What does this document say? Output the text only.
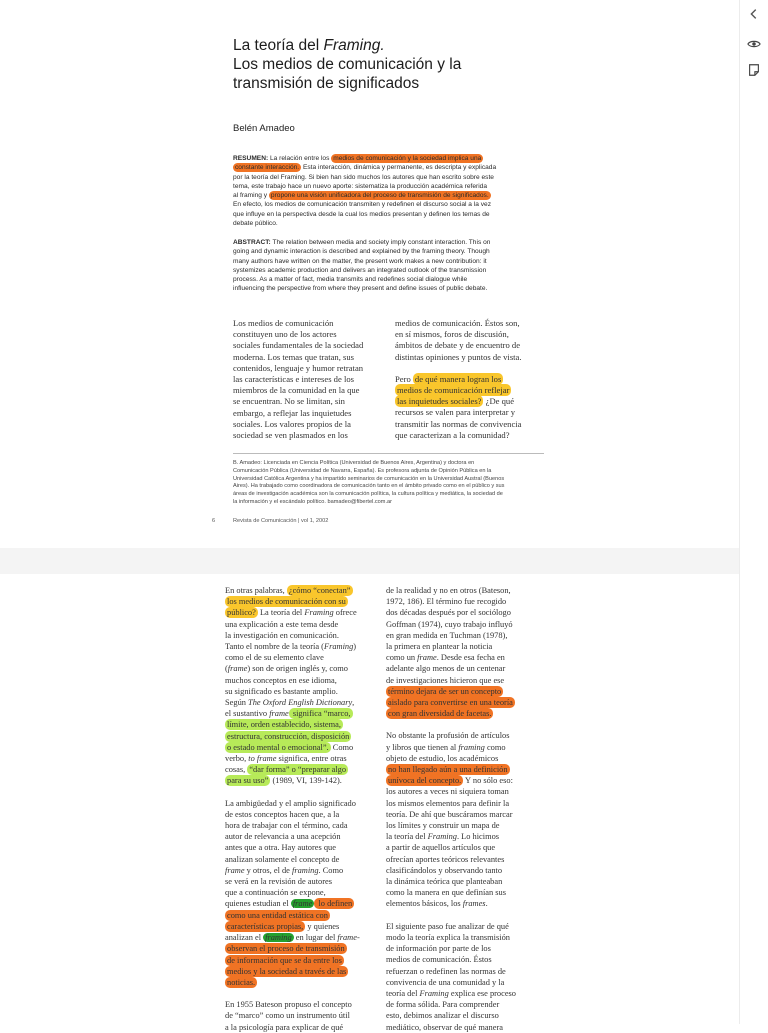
La teoría del Framing.
Los medios de comunicación y la
transmisión de significados
Belén Amadeo
RESUMEN: La relación entre los medios de comunicación y la sociedad implica una
constante interacción. Esta interacción, dinámica y permanente, es descripta y explicada
por la teoría del Framing. Si bien han sido muchos los autores que han escrito sobre este
tema, este trabajo hace un nuevo aporte: sistematiza la producción académica referida
al framing y propone una visión unificadora del proceso de transmisión de significados.
En efecto, los medios de comunicación transmiten y redefinen el discurso social a la vez
que influye en la perspectiva desde la cual los medios presentan y definen los temas de
debate público.
ABSTRACT: The relation between media and society imply constant interaction. This on
going and dynamic interaction is described and explained by the framing theory. Though
many authors have written on the matter, the present work makes a new contribution: it
systemizes academic production and delivers an integrated outlook of the transmission
process. As a matter of fact, media transmits and redefines social dialogue while
influencing the perspective from where they present and define issues of public debate.
Los medios de comunicación
constituyen uno de los actores
sociales fundamentales de la sociedad
moderna. Los temas que tratan, sus
contenidos, lenguaje y humor retratan
las características e intereses de los
miembros de la comunidad en la que
se encuentran. No se limitan, sin
embargo, a reflejar las inquietudes
sociales. Los valores propios de la
sociedad se ven plasmados en los
medios de comunicación. Éstos son,
en sí mismos, foros de discusión,
ámbitos de debate y de encuentro de
distintas opiniones y puntos de vista.
Pero de qué manera logran los
medios de comunicación reflejar
las inquietudes sociales? ¿De qué
recursos se valen para interpretar y
transmitir las normas de convivencia
que caracterizan a la comunidad?
B. Amadeo: Licenciada en Ciencia Política (Universidad de Buenos Aires, Argentina) y doctora en
Comunicación Pública (Universidad de Navarra, España). Es profesora adjunta de Opinión Pública en la
Universidad Católica Argentina y ha impartido seminarios de comunicación en la Universidad Austral (Buenos
Aires). Ha trabajado como coordinadora de comunicación tanto en el ámbito privado como en el público y sus
áreas de investigación académica son la comunicación política, la cultura política y mediática, la sociedad de
la información y el escándalo político. bamadeo@fibertel.com.ar
6	Revista de Comunicación | vol 1, 2002
En otras palabras, ¿cómo “conectan”
los medios de comunicación con su
público? La teoría del Framing ofrece
una explicación a este tema desde
la investigación en comunicación.
Tanto el nombre de la teoría (Framing)
como el de su elemento clave
(frame) son de origen inglés y, como
muchos conceptos en ese idioma,
su significado es bastante amplio.
Según The Oxford English Dictionary,
el sustantivo frame significa “marco,
límite, orden establecido, sistema,
estructura, construcción, disposición
o estado mental o emocional”. Como
verbo, to frame significa, entre otras
cosas, “dar forma” o “preparar algo
para su uso” (1989, VI, 139-142).
La ambigüedad y el amplio significado
de estos conceptos hacen que, a la
hora de trabajar con el término, cada
autor de relevancia a una acepción
antes que a otra. Hay autores que
analizan solamente el concepto de
frame y otros, el de framing. Como
se verá en la revisión de autores
que a continuación se expone,
quienes estudian el frame lo definen
como una entidad estática con
características propias, y quienes
analizan el framing en lugar del frame-
observan el proceso de transmisión
de información que se da entre los
medios y la sociedad a través de las
noticias.
En 1955 Bateson propuso el concepto
de “marco” como un instrumento útil
a la psicología para explicar de qué
de la realidad y no en otros (Bateson,
1972, 186). El término fue recogido
dos décadas después por el sociólogo
Goffman (1974), cuyo trabajo influyó
en gran medida en Tuchman (1978),
la primera en plantear la noticia
como un frame. Desde esa fecha en
adelante algo menos de un centenar
de investigaciones hicieron que ese
término dejara de ser un concepto
aislado para convertirse en una teoría
con gran diversidad de facetas.
No obstante la profusión de artículos
y libros que tienen al framing como
objeto de estudio, los académicos
no han llegado aún a una definición
unívoca del concepto. Y no sólo eso:
los autores a veces ni siquiera toman
los mismos elementos para definir la
teoría. De ahí que buscáramos marcar
los límites y construir un mapa de
la teoría del Framing. Lo hicimos
a partir de aquellos artículos que
ofrecían aportes teóricos relevantes
clasificándolos y observando tanto
la dinámica teórica que planteaban
como la manera en que definían sus
elementos básicos, los frames.
El siguiente paso fue analizar de qué
modo la teoría explica la transmisión
de información por parte de los
medios de comunicación. Éstos
refuerzan o redefinen las normas de
convivencia de una comunidad y la
teoría del Framing explica ese proceso
de forma sólida. Para comprender
esto, debimos analizar el discurso
mediático, observar de qué manera
